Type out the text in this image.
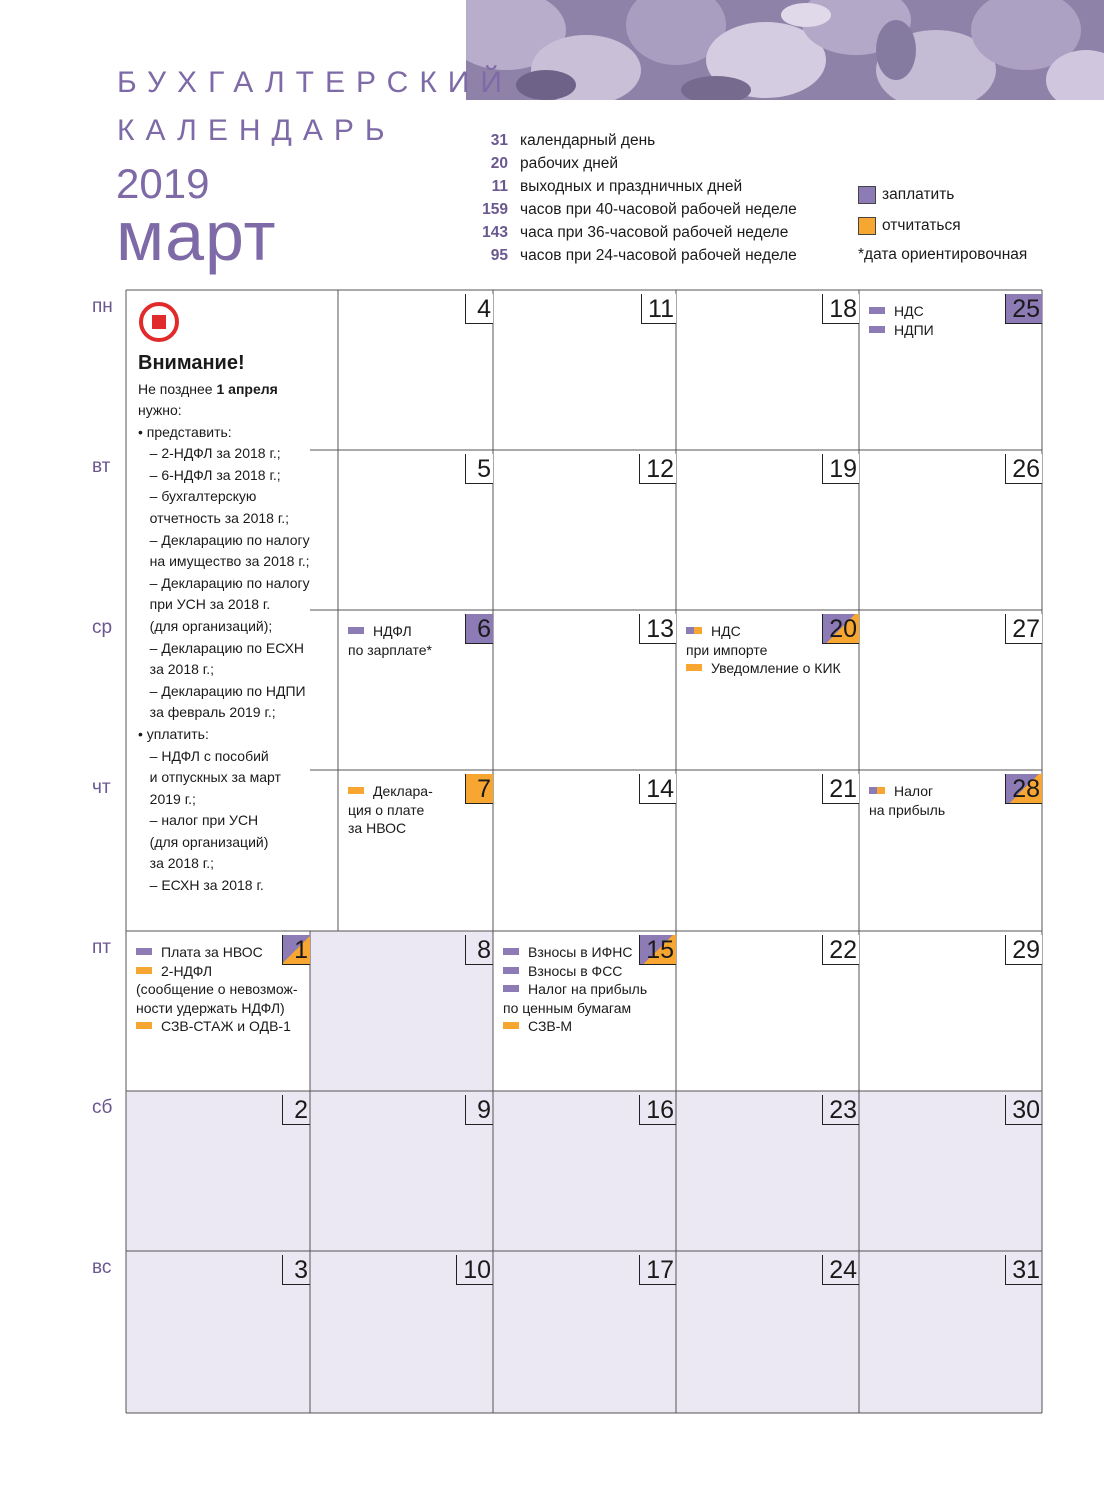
БУХГАЛТЕРСКИЙ
КАЛЕНДАРЬ
2019
март
31 календарный день
20 рабочих дней
11 выходных и праздничных дней
159 часов при 40-часовой рабочей неделе
143 часа при 36-часовой рабочей неделе
95 часов при 24-часовой рабочей неделе
заплатить
отчитаться
*дата ориентировочная
пн
вт
ср
чт
пт
сб
вс
1
Плата за НВОС
2-НДФЛ
(сообщение о невозмож-
ности удержать НДФЛ)
СЗВ-СТАЖ и ОДВ-1
2
3
4
5
6
НДФЛ
по зарплате*
7
Деклара-
ция о плате
за НВОС
8
9
10
11
12
13
14
15
Взносы в ИФНС
Взносы в ФСС
Налог на прибыль
по ценным бумагам
СЗВ-М
16
17
18
19
20
НДС
при импорте
Уведомление о КИК
21
22
23
24
25
НДС
НДПИ
26
27
28
Налог
на прибыль
29
30
31
Внимание!
Не позднее 1 апреля
нужно:
• представить:
– 2-НДФЛ за 2018 г.;
– 6-НДФЛ за 2018 г.;
– бухгалтерскую
отчетность за 2018 г.;
– Декларацию по налогу
на имущество за 2018 г.;
– Декларацию по налогу
при УСН за 2018 г.
(для организаций);
– Декларацию по ЕСХН
за 2018 г.;
– Декларацию по НДПИ
за февраль 2019 г.;
• уплатить:
– НДФЛ с пособий
и отпускных за март
2019 г.;
– налог при УСН
(для организаций)
за 2018 г.;
– ЕСХН за 2018 г.
